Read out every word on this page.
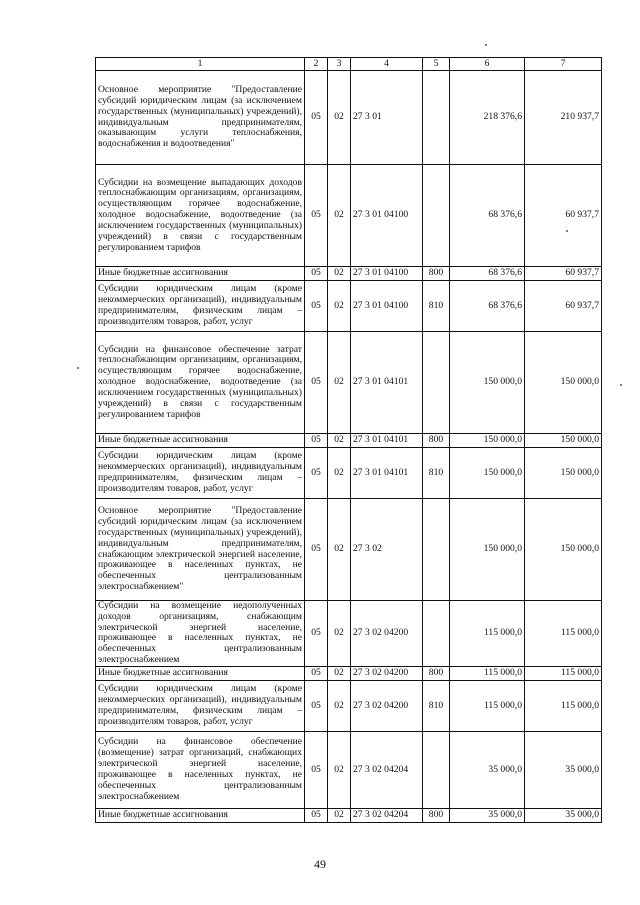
1	2	3	4	5	6	7
Основное мероприятие "Предоставление субсидий юридическим лицам (за исключением государственных (муниципальных) учреждений), индивидуальным предпринимателям, оказывающим услуги теплоснабжения, водоснабжения и водоотведения"	05	02	27 3 01		218 376,6	210 937,7
Субсидии на возмещение выпадающих доходов теплоснабжающим организациям, организациям, осуществляющим горячее водоснабжение, холодное водоснабжение, водоотведение (за исключением государственных (муниципальных) учреждений) в связи с государственным регулированием тарифов	05	02	27 3 01 04100		68 376,6	60 937,7
Иные бюджетные ассигнования	05	02	27 3 01 04100	800	68 376,6	60 937,7
Субсидии юридическим лицам (кроме некоммерческих организаций), индивидуальным предпринимателям, физическим лицам – производителям товаров, работ, услуг	05	02	27 3 01 04100	810	68 376,6	60 937,7
Субсидии на финансовое обеспечение затрат теплоснабжающим организациям, организациям, осуществляющим горячее водоснабжение, холодное водоснабжение, водоотведение (за исключением государственных (муниципальных) учреждений) в связи с государственным регулированием тарифов	05	02	27 3 01 04101		150 000,0	150 000,0
Иные бюджетные ассигнования	05	02	27 3 01 04101	800	150 000,0	150 000,0
Субсидии юридическим лицам (кроме некоммерческих организаций), индивидуальным предпринимателям, физическим лицам – производителям товаров, работ, услуг	05	02	27 3 01 04101	810	150 000,0	150 000,0
Основное мероприятие "Предоставление субсидий юридическим лицам (за исключением государственных (муниципальных) учреждений), индивидуальным предпринимателям, снабжающим электрической энергией население, проживающее в населенных пунктах, не обеспеченных централизованным электроснабжением"	05	02	27 3 02		150 000,0	150 000,0
Субсидии на возмещение недополученных доходов организациям, снабжающим электрической энергией население, проживающее в населенных пунктах, не обеспеченных централизованным электроснабжением	05	02	27 3 02 04200		115 000,0	115 000,0
Иные бюджетные ассигнования	05	02	27 3 02 04200	800	115 000,0	115 000,0
Субсидии юридическим лицам (кроме некоммерческих организаций), индивидуальным предпринимателям, физическим лицам – производителям товаров, работ, услуг	05	02	27 3 02 04200	810	115 000,0	115 000,0
Субсидии на финансовое обеспечение (возмещение) затрат организаций, снабжающих электрической энергией население, проживающее в населенных пунктах, не обеспеченных централизованным электроснабжением	05	02	27 3 02 04204		35 000,0	35 000,0
Иные бюджетные ассигнования	05	02	27 3 02 04204	800	35 000,0	35 000,0
49
